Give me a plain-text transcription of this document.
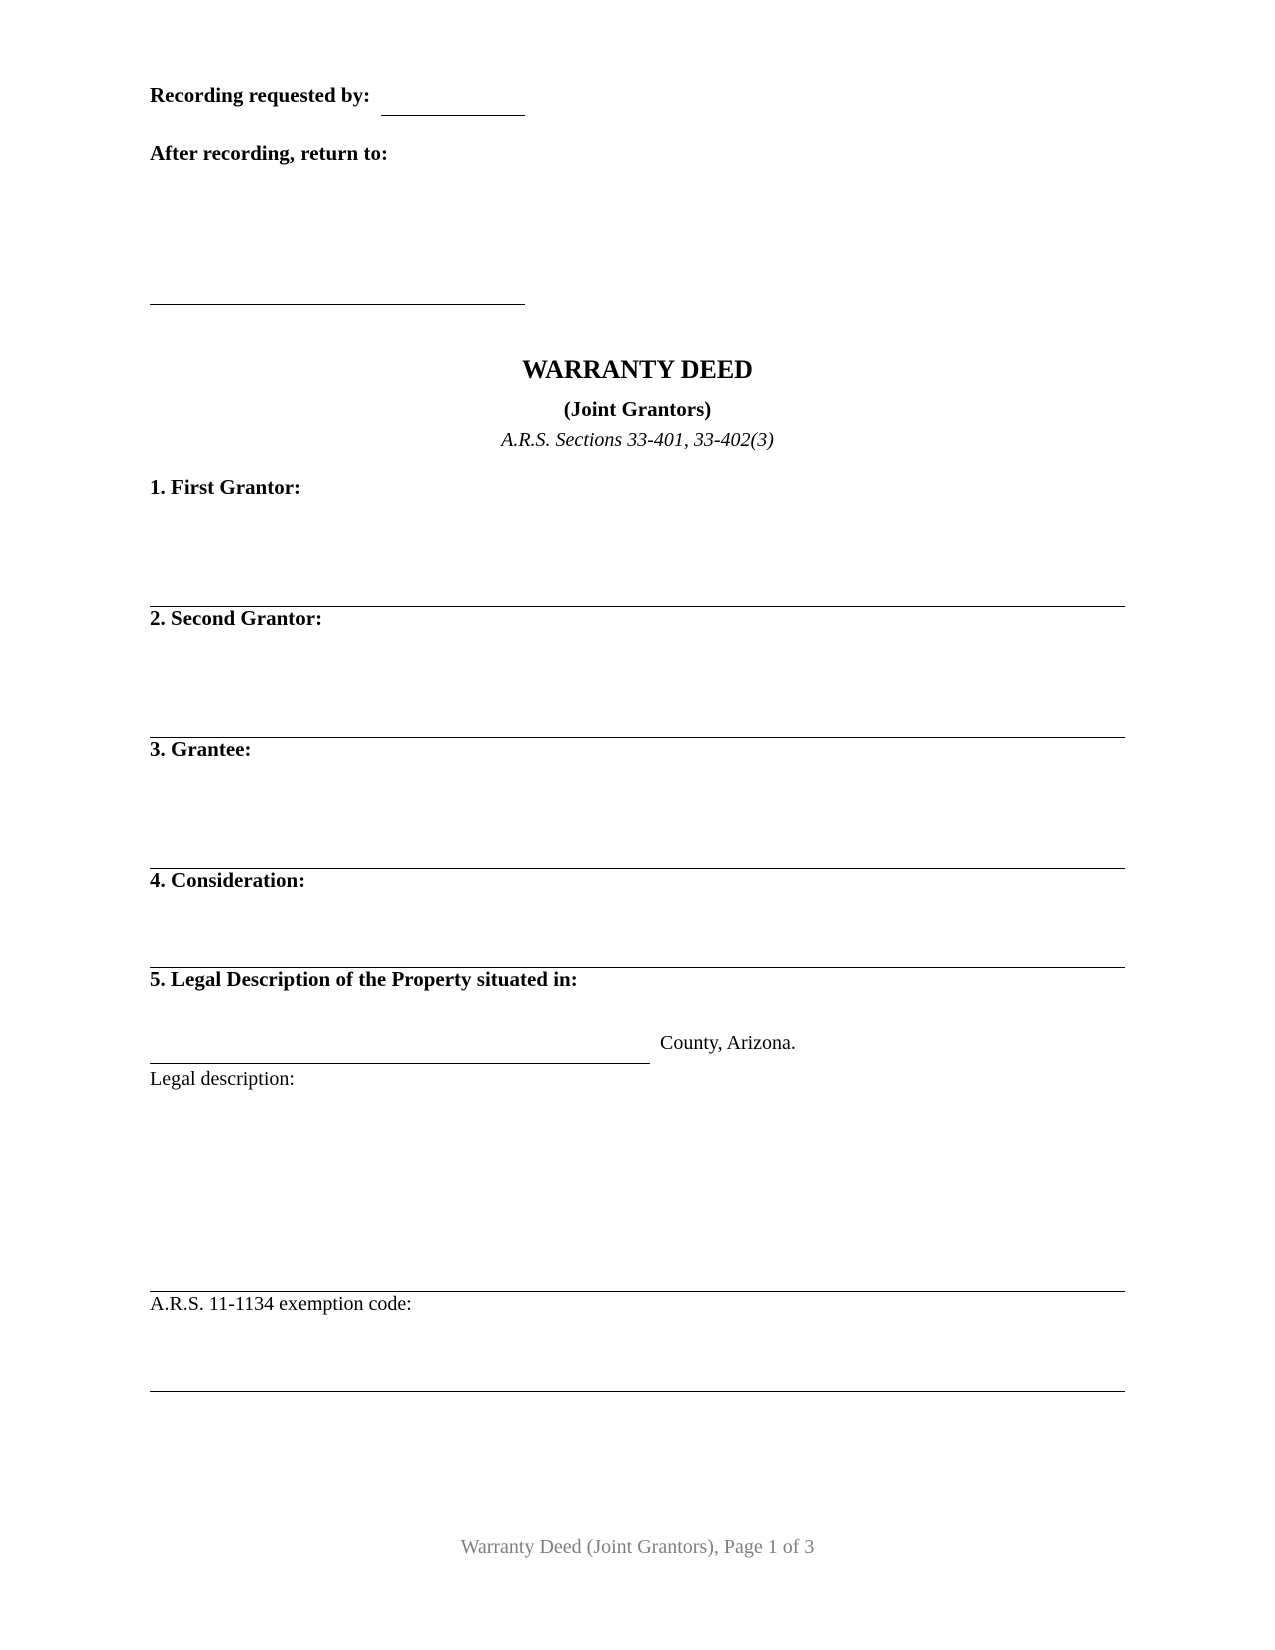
Recording requested by:
After recording, return to:
WARRANTY DEED
(Joint Grantors)
A.R.S. Sections 33-401, 33-402(3)
1. First Grantor:
2. Second Grantor:
3. Grantee:
4. Consideration:
5. Legal Description of the Property situated in:
County, Arizona.
Legal description:
A.R.S. 11-1134 exemption code:
Warranty Deed (Joint Grantors), Page 1 of 3
